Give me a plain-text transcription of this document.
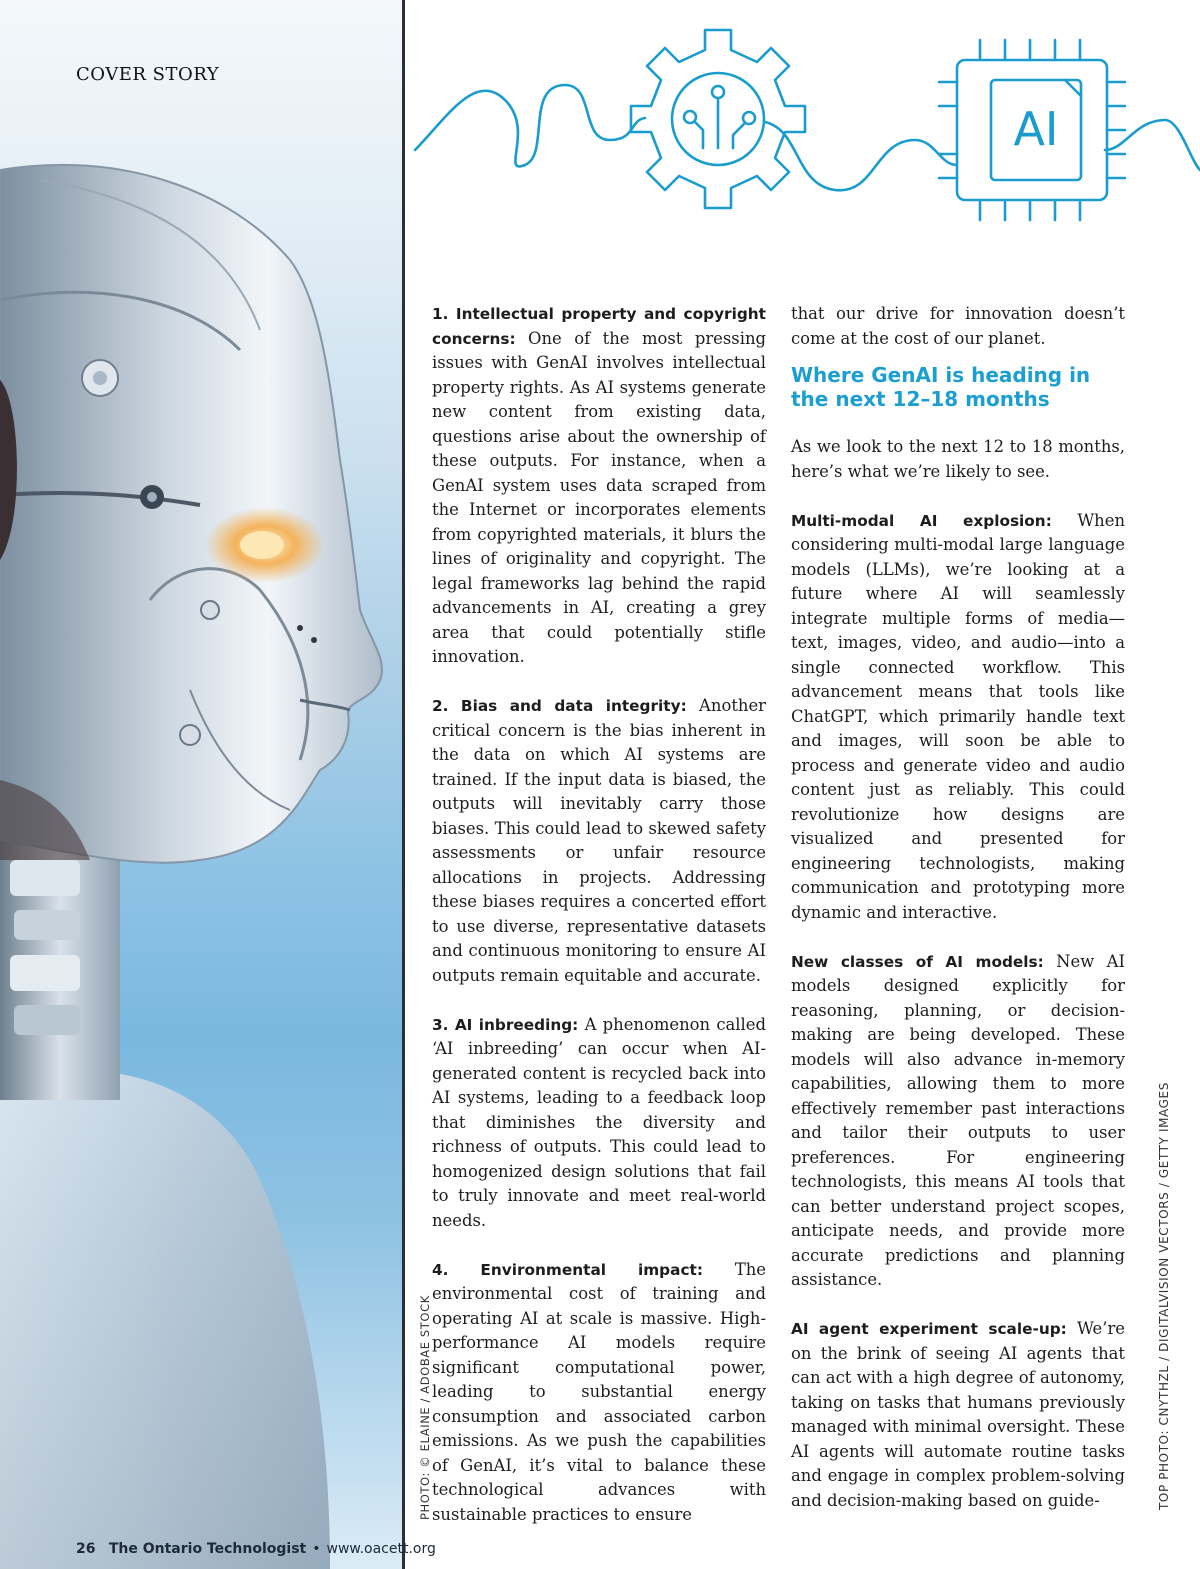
COVER STORY
AI

1. Intellectual property and copyright concerns: One of the most pressing issues with GenAI involves intellectual property rights. As AI systems generate new content from existing data, questions arise about the ownership of these outputs. For instance, when a GenAI system uses data scraped from the Internet or incorporates elements from copyrighted materials, it blurs the lines of originality and copyright. The legal frameworks lag behind the rapid advancements in AI, creating a grey area that could potentially stifle innovation.

2. Bias and data integrity: Another critical concern is the bias inherent in the data on which AI systems are trained. If the input data is biased, the outputs will inevitably carry those biases. This could lead to skewed safety assessments or unfair resource allocations in projects. Addressing these biases requires a concerted effort to use diverse, representative datasets and continuous monitoring to ensure AI outputs remain equitable and accurate.

3. AI inbreeding: A phenomenon called ‘AI inbreeding’ can occur when AI-generated content is recycled back into AI systems, leading to a feedback loop that diminishes the diversity and richness of outputs. This could lead to homogenized design solutions that fail to truly innovate and meet real-world needs.

4. Environmental impact: The environmental cost of training and operating AI at scale is massive. High-performance AI models require significant computational power, leading to substantial energy consumption and associated carbon emissions. As we push the capabilities of GenAI, it’s vital to balance these technological advances with sustainable practices to ensure

that our drive for innovation doesn’t come at the cost of our planet.

Where GenAI is heading in the next 12–18 months

As we look to the next 12 to 18 months, here’s what we’re likely to see.

Multi-modal AI explosion: When considering multi-modal large language models (LLMs), we’re looking at a future where AI will seamlessly integrate multiple forms of media—text, images, video, and audio—into a single connected workflow. This advancement means that tools like ChatGPT, which primarily handle text and images, will soon be able to process and generate video and audio content just as reliably. This could revolutionize how designs are visualized and presented for engineering technologists, making communication and prototyping more dynamic and interactive.

New classes of AI models: New AI models designed explicitly for reasoning, planning, or decision-making are being developed. These models will also advance in-memory capabilities, allowing them to more effectively remember past interactions and tailor their outputs to user preferences. For engineering technologists, this means AI tools that can better understand project scopes, anticipate needs, and provide more accurate predictions and planning assistance.

AI agent experiment scale-up: We’re on the brink of seeing AI agents that can act with a high degree of autonomy, taking on tasks that humans previously managed with minimal oversight. These AI agents will automate routine tasks and engage in complex problem-solving and decision-making based on guide-

PHOTO: © ELAINE / ADOBAE STOCK	TOP PHOTO: CNYTHZL / DIGITALVISION VECTORS / GETTY IMAGES
26 The Ontario Technologist • www.oacett.org
